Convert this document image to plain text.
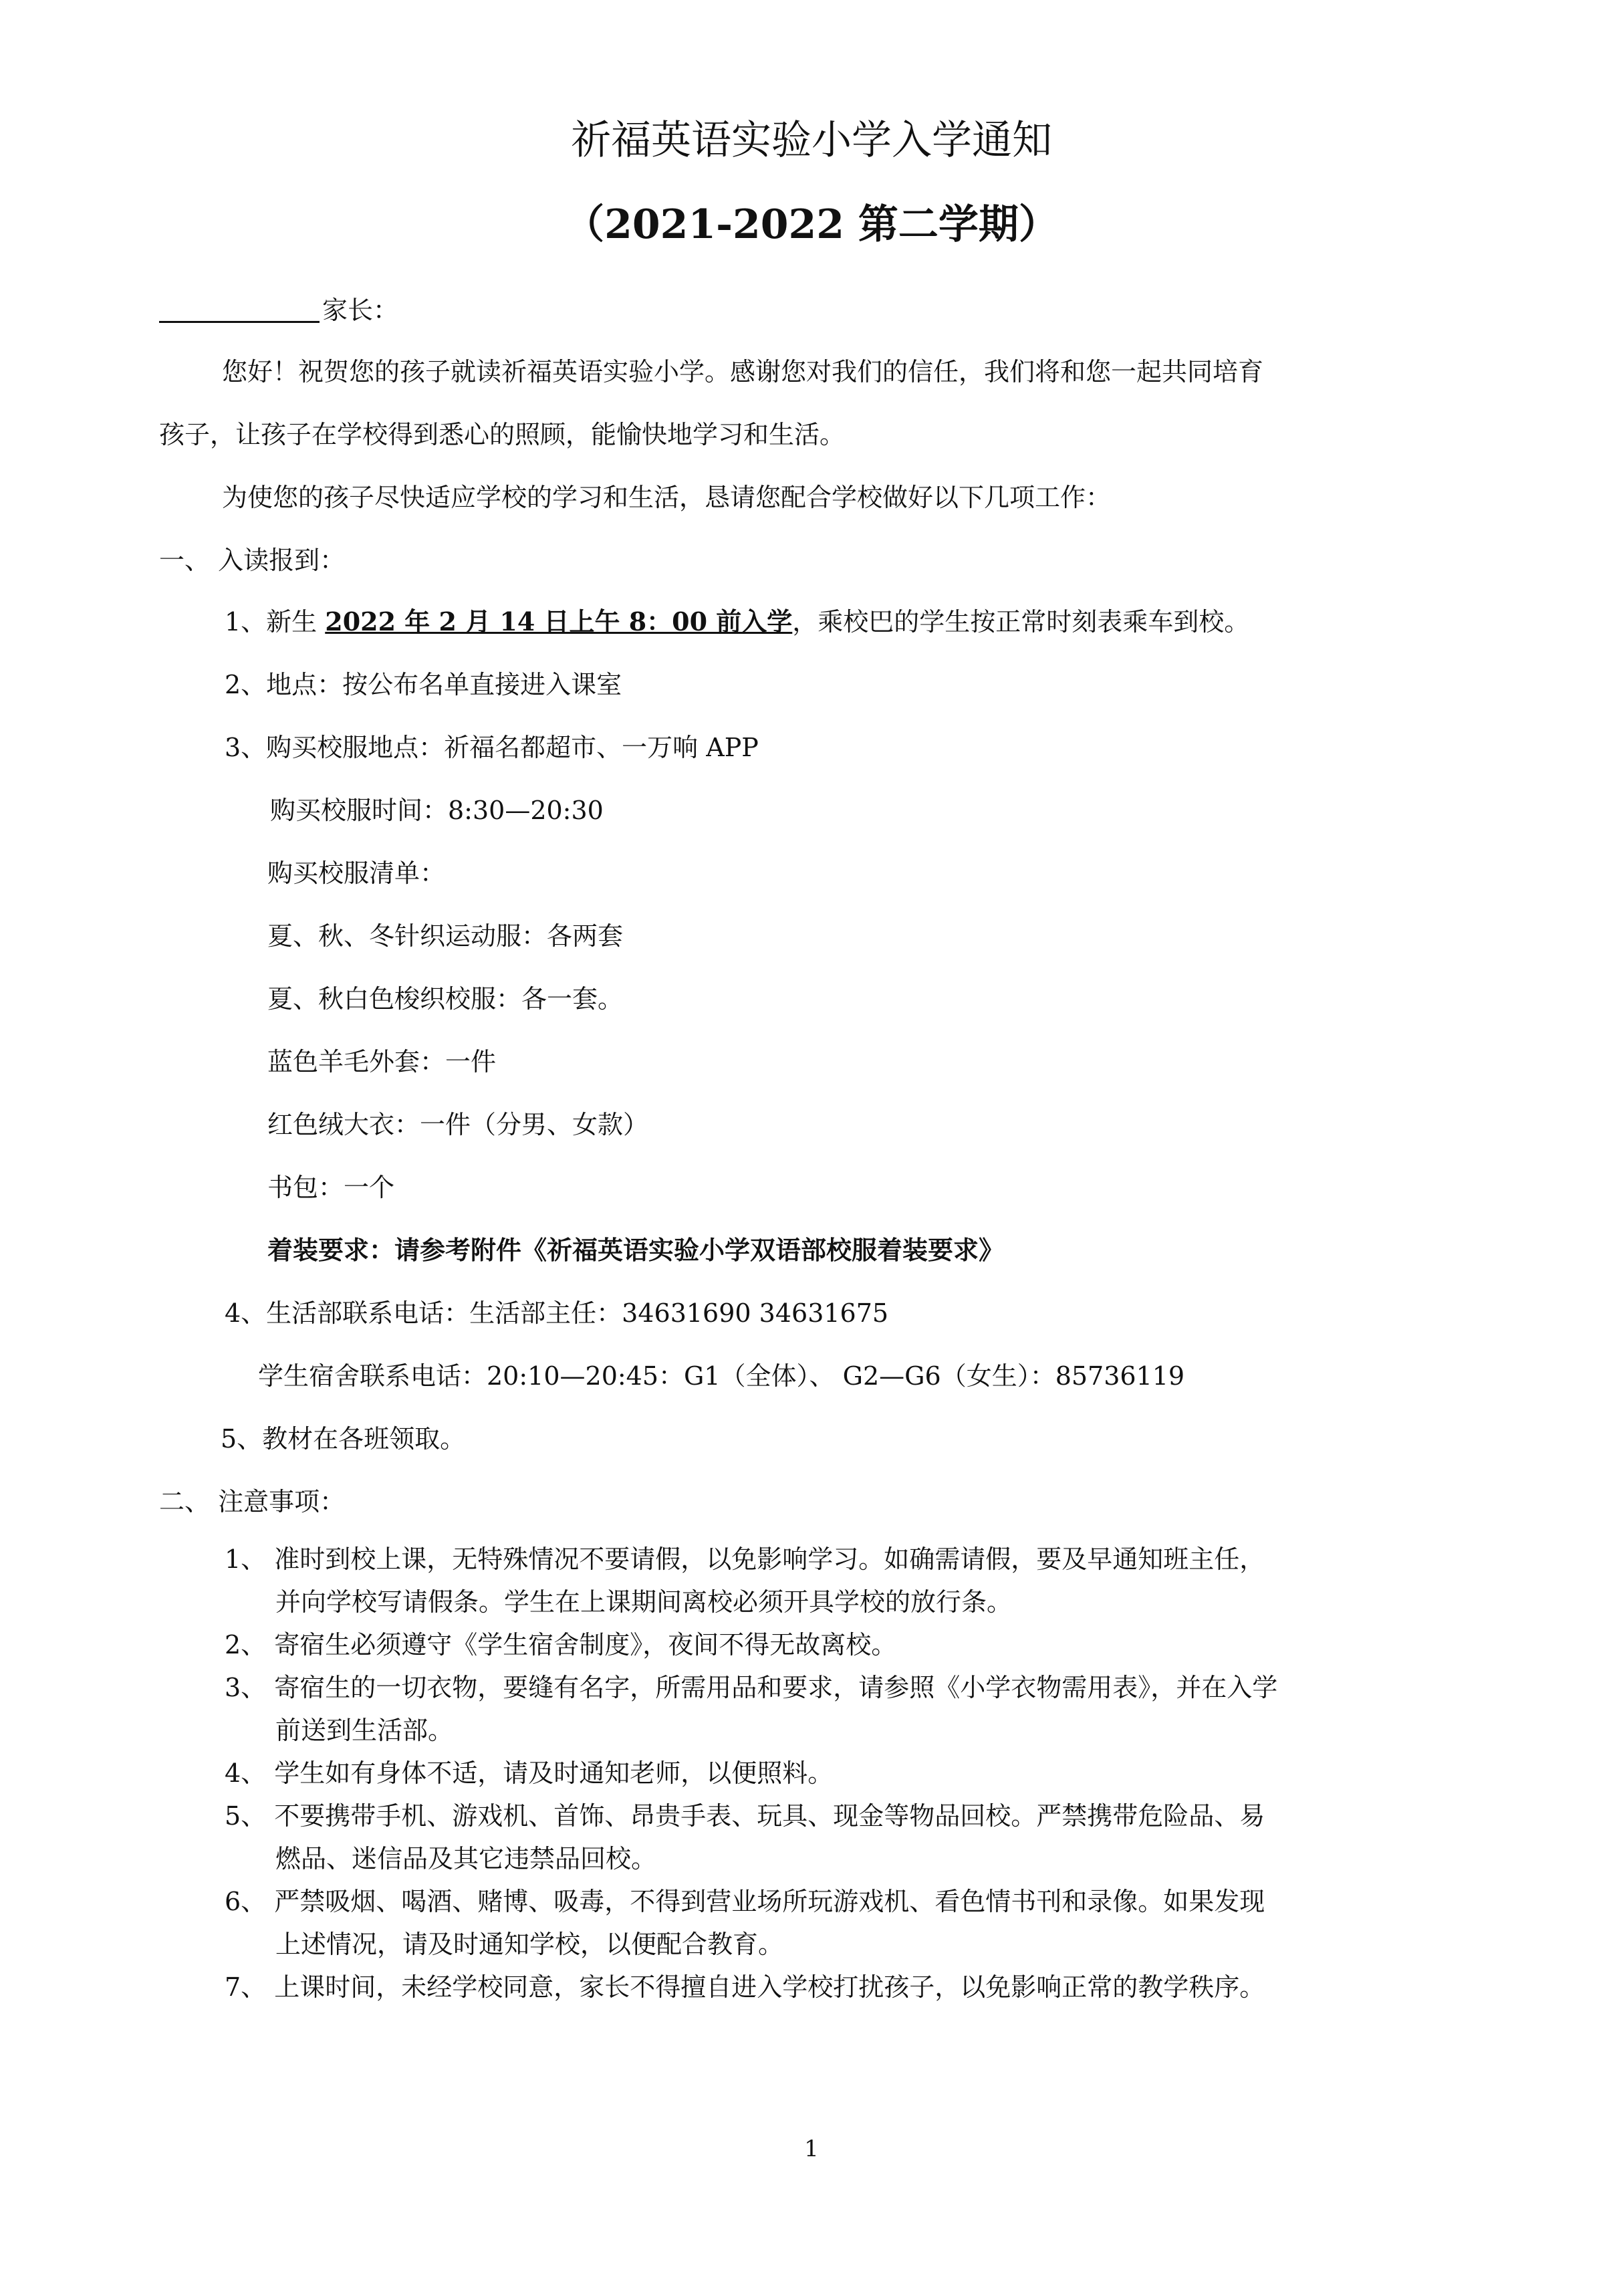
祈福英语实验小学入学通知
（2021-2022 第二学期）
家长：
您好！祝贺您的孩子就读祈福英语实验小学。感谢您对我们的信任，我们将和您一起共同培育
孩子，让孩子在学校得到悉心的照顾，能愉快地学习和生活。
为使您的孩子尽快适应学校的学习和生活，恳请您配合学校做好以下几项工作：
一、 入读报到：
1、新生 2022 年 2 月 14 日上午 8：00 前入学，乘校巴的学生按正常时刻表乘车到校。
2、地点：按公布名单直接进入课室
3、购买校服地点：祈福名都超市、一万响 APP
购买校服时间：8:30—20:30
购买校服清单：
夏、秋、冬针织运动服：各两套
夏、秋白色梭织校服：各一套。
蓝色羊毛外套：一件
红色绒大衣：一件（分男、女款）
书包：一个
着装要求：请参考附件《祈福英语实验小学双语部校服着装要求》
4、生活部联系电话：生活部主任：34631690 34631675
学生宿舍联系电话：20:10—20:45：G1（全体）、 G2—G6（女生）：85736119
5、教材在各班领取。
二、 注意事项：
1、 准时到校上课，无特殊情况不要请假，以免影响学习。如确需请假，要及早通知班主任，
并向学校写请假条。学生在上课期间离校必须开具学校的放行条。
2、 寄宿生必须遵守《学生宿舍制度》，夜间不得无故离校。
3、 寄宿生的一切衣物，要缝有名字，所需用品和要求，请参照《小学衣物需用表》，并在入学
前送到生活部。
4、 学生如有身体不适，请及时通知老师，以便照料。
5、 不要携带手机、游戏机、首饰、昂贵手表、玩具、现金等物品回校。严禁携带危险品、易
燃品、迷信品及其它违禁品回校。
6、 严禁吸烟、喝酒、赌博、吸毒，不得到营业场所玩游戏机、看色情书刊和录像。如果发现
上述情况，请及时通知学校，以便配合教育。
7、 上课时间，未经学校同意，家长不得擅自进入学校打扰孩子，以免影响正常的教学秩序。
1
